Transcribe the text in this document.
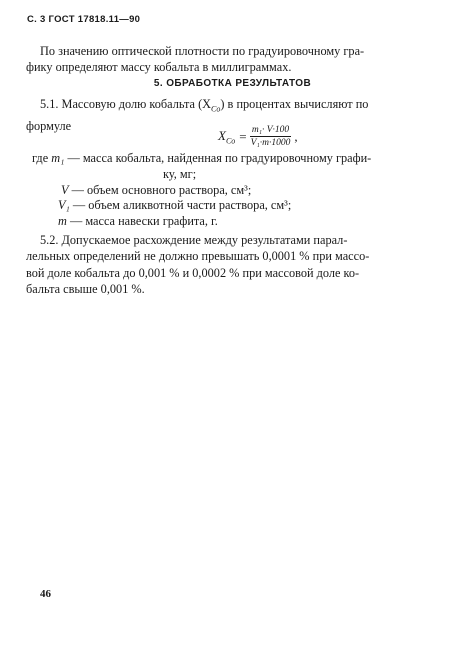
С. 3 ГОСТ 17818.11—90

По значению оптической плотности по градуировочному гра-
фику определяют массу кобальта в миллиграммах.

5. ОБРАБОТКА РЕЗУЛЬТАТОВ

5.1. Массовую долю кобальта $(X_{Co})$ в процентах вычисляют по
формуле

$X_{Co} = \frac{\text{m₁· V·100}}{\text{V₁·m·1000}}$ ,
где m₁ — масса кобальта, найденная по градуировочному графи-
ку, мг;
V — объем основного раствора, см³;
V₁ — объем аликвотной части раствора, см³;
m — масса навески графита, г.

5.2. Допускаемое расхождение между результатами парал-
лельных определений не должно превышать 0,0001 % при массо-
вой доле кобальта до 0,001 % и 0,0002 % при массовой доле ко-
бальта свыше 0,001 %.

46
